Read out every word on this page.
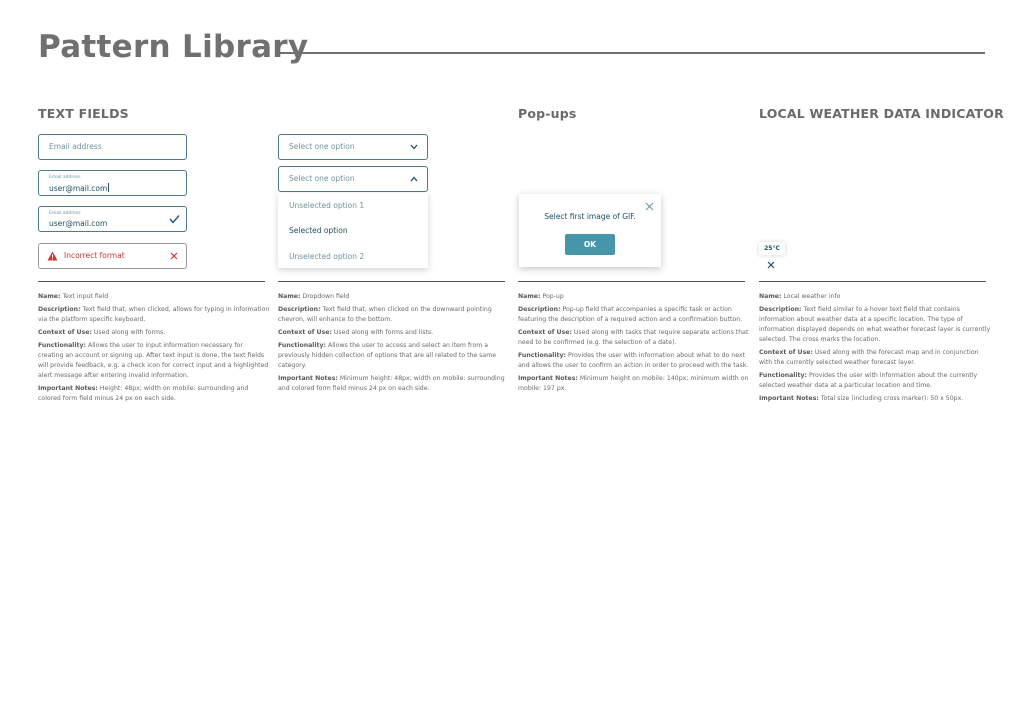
Pattern Library
TEXT FIELDS	Pop-ups	LOCAL WEATHER DATA INDICATOR
Email address
Email address
user@mail.com
Email address
user@mail.com
Incorrect format
Select one option
Select one option
Unselected option 1
Selected option
Unselected option 2
Select first image of GIF.
OK	25°C

Name: Text input field

Description: Text field that, when clicked, allows for typing in information via the platform specific keyboard.

Context of Use: Used along with forms.

Functionality: Allows the user to input information necessary for creating an account or signing up. After text input is done, the text fields will provide feedback, e.g. a check icon for correct input and a highlighted alert message after entering invalid information.

Important Notes: Height: 48px; width on mobile: surrounding and colored form field minus 24 px on each side.

Name: Dropdown field

Description: Text field that, when clicked on the downward pointing chevron, will enhance to the bottom.

Context of Use: Used along with forms and lists.

Functionality: Allows the user to access and select an item from a previously hidden collection of options that are all related to the same category.

Important Notes: Minimum height: 48px; width on mobile: surrounding and colored form field minus 24 px on each side.

Name: Pop-up

Description: Pop-up field that accompanies a specific task or action featuring the description of a required action and a confirmation button.

Context of Use: Used along with tasks that require separate actions that need to be confirmed (e.g. the selection of a date).

Functionality: Provides the user with information about what to do next and allows the user to confirm an action in order to proceed with the task.

Important Notes: Minimum height on mobile: 140px; minimum width on mobile: 197 px.

Name: Local weather info

Description: Text field similar to a hover text field that contains information about weather data at a specific location. The type of information displayed depends on what weather forecast layer is currently selected. The cross marks the location.

Context of Use: Used along with the forecast map and in conjunction with the currently selected weather forecast layer.

Functionality: Provides the user with information about the currently selected weather data at a particular location and time.

Important Notes: Total size (including cross marker): 50 x 50px.
